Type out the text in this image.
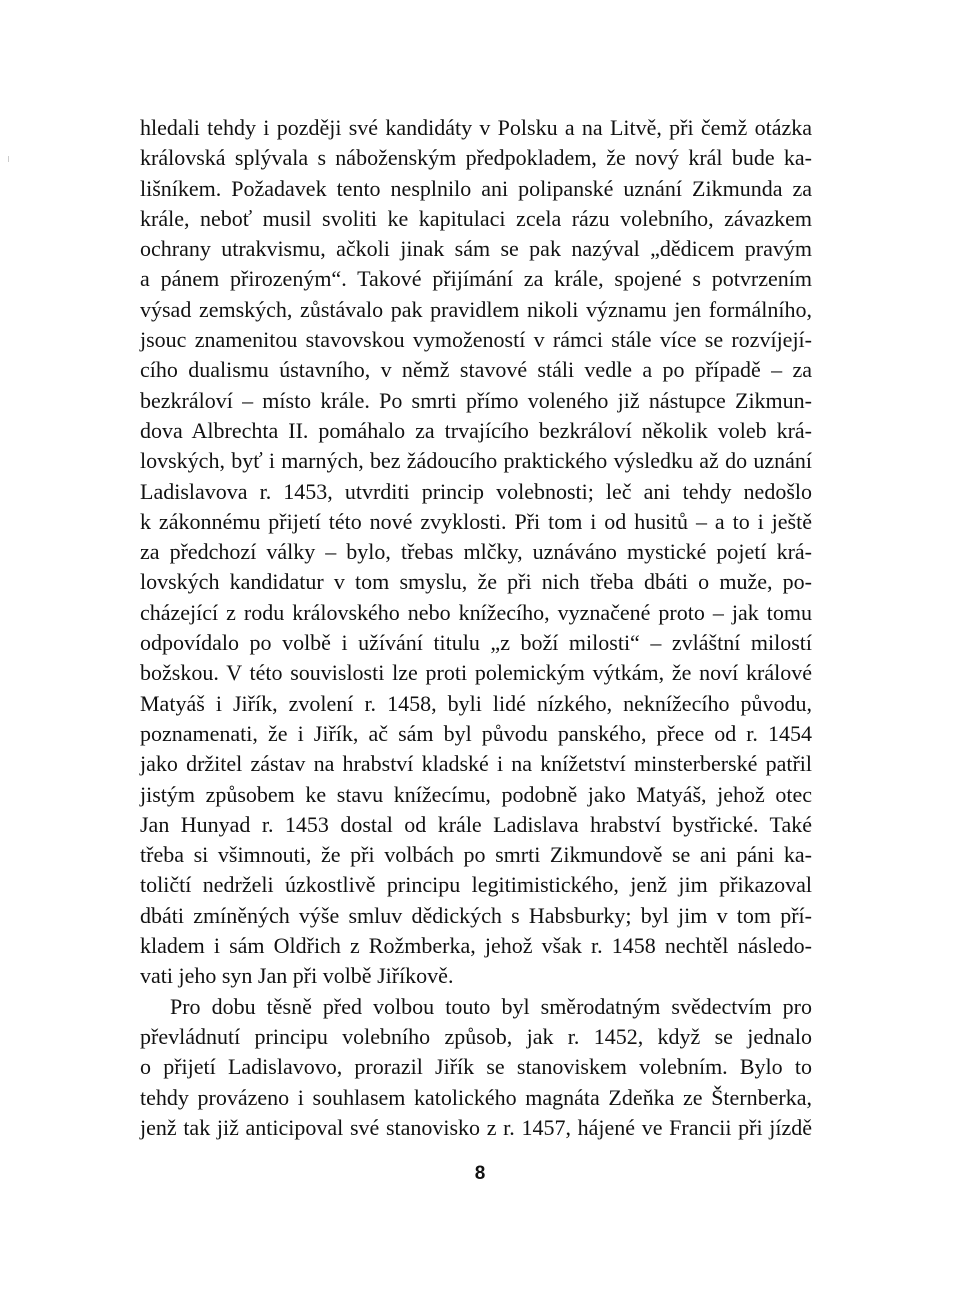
hledali tehdy i později své kandidáty v Polsku a na Litvě, při čemž otázka
královská splývala s náboženským předpokladem, že nový král bude ka-
lišníkem. Požadavek tento nesplnilo ani polipanské uznání Zikmunda za
krále, neboť musil svoliti ke kapitulaci zcela rázu volebního, závazkem
ochrany utrakvismu, ačkoli jinak sám se pak nazýval „dědicem pravým
a pánem přirozeným“. Takové přijímání za krále, spojené s potvrzením
výsad zemských, zůstávalo pak pravidlem nikoli významu jen formálního,
jsouc znamenitou stavovskou vymožeností v rámci stále více se rozvíjejí-
cího dualismu ústavního, v němž stavové stáli vedle a po případě – za
bezkráloví – místo krále. Po smrti přímo voleného již nástupce Zikmun-
dova Albrechta II. pomáhalo za trvajícího bezkráloví několik voleb krá-
lovských, byť i marných, bez žádoucího praktického výsledku až do uznání
Ladislavova r. 1453, utvrditi princip volebnosti; leč ani tehdy nedošlo
k zákonnému přijetí této nové zvyklosti. Při tom i od husitů – a to i ještě
za předchozí války – bylo, třebas mlčky, uznáváno mystické pojetí krá-
lovských kandidatur v tom smyslu, že při nich třeba dbáti o muže, po-
cházející z rodu královského nebo knížecího, vyznačené proto – jak tomu
odpovídalo po volbě i užívání titulu „z boží milosti“ – zvláštní milostí
božskou. V této souvislosti lze proti polemickým výtkám, že noví králové
Matyáš i Jiřík, zvolení r. 1458, byli lidé nízkého, neknížecího původu,
poznamenati, že i Jiřík, ač sám byl původu panského, přece od r. 1454
jako držitel zástav na hrabství kladské i na knížetství minsterberské patřil
jistým způsobem ke stavu knížecímu, podobně jako Matyáš, jehož otec
Jan Hunyad r. 1453 dostal od krále Ladislava hrabství bystřické. Také
třeba si všimnouti, že při volbách po smrti Zikmundově se ani páni ka-
toličtí nedrželi úzkostlivě principu legitimistického, jenž jim přikazoval
dbáti zmíněných výše smluv dědických s Habsburky; byl jim v tom pří-
kladem i sám Oldřich z Rožmberka, jehož však r. 1458 nechtěl následo-
vati jeho syn Jan při volbě Jiříkově.
Pro dobu těsně před volbou touto byl směrodatným svědectvím pro
převládnutí principu volebního způsob, jak r. 1452, když se jednalo
o přijetí Ladislavovo, prorazil Jiřík se stanoviskem volebním. Bylo to
tehdy provázeno i souhlasem katolického magnáta Zdeňka ze Šternberka,
jenž tak již anticipoval své stanovisko z r. 1457, hájené ve Francii při jízdě
8
